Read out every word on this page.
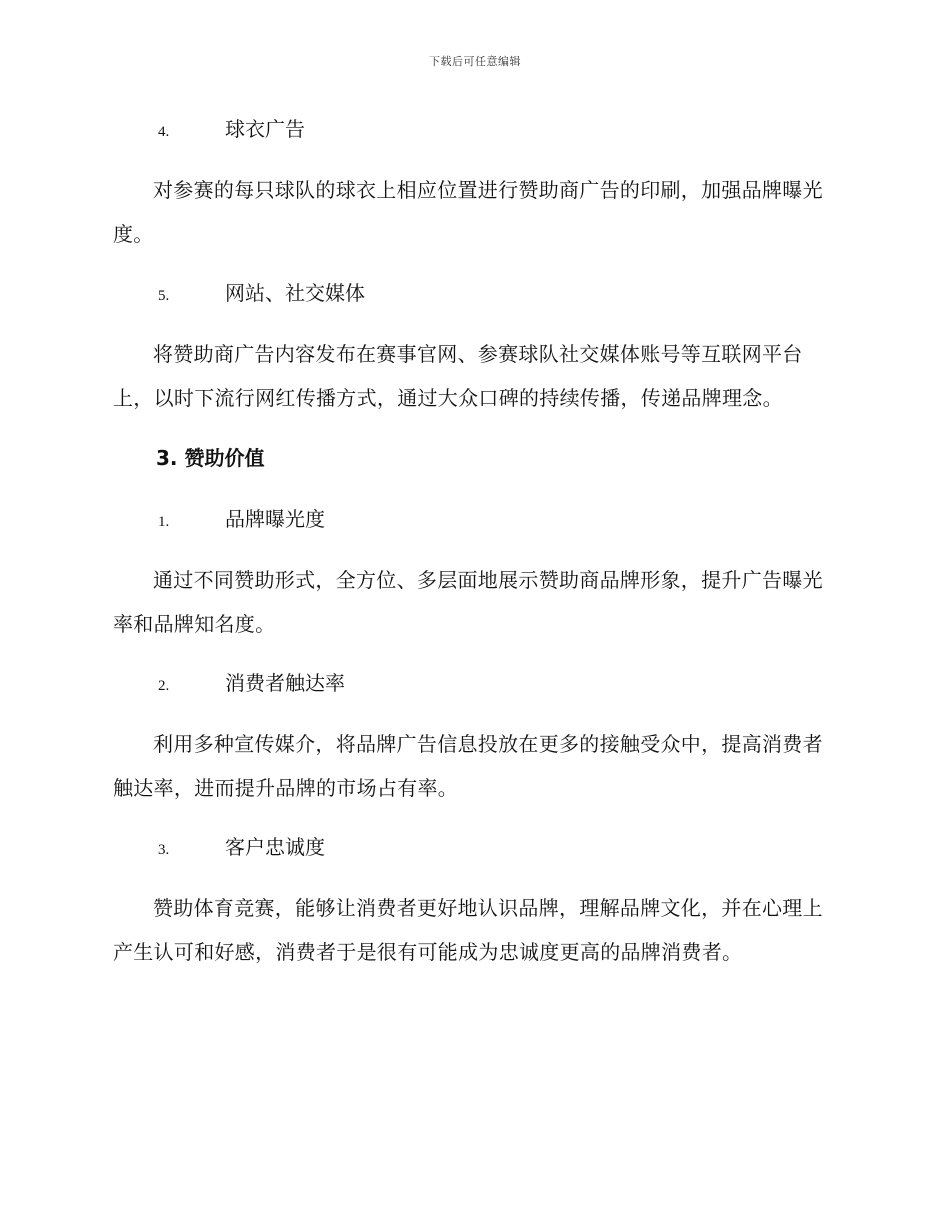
下载后可任意编辑
4.	球衣广告

对参赛的每只球队的球衣上相应位置进行赞助商广告的印刷，加强品牌曝光度。

5.	网站、社交媒体

将赞助商广告内容发布在赛事官网、参赛球队社交媒体账号等互联网平台上，以时下流行网红传播方式，通过大众口碑的持续传播，传递品牌理念。

3. 赞助价值
1.	品牌曝光度

通过不同赞助形式，全方位、多层面地展示赞助商品牌形象，提升广告曝光率和品牌知名度。

2.	消费者触达率

利用多种宣传媒介，将品牌广告信息投放在更多的接触受众中，提高消费者触达率，进而提升品牌的市场占有率。

3.	客户忠诚度

赞助体育竞赛，能够让消费者更好地认识品牌，理解品牌文化，并在心理上产生认可和好感，消费者于是很有可能成为忠诚度更高的品牌消费者。
